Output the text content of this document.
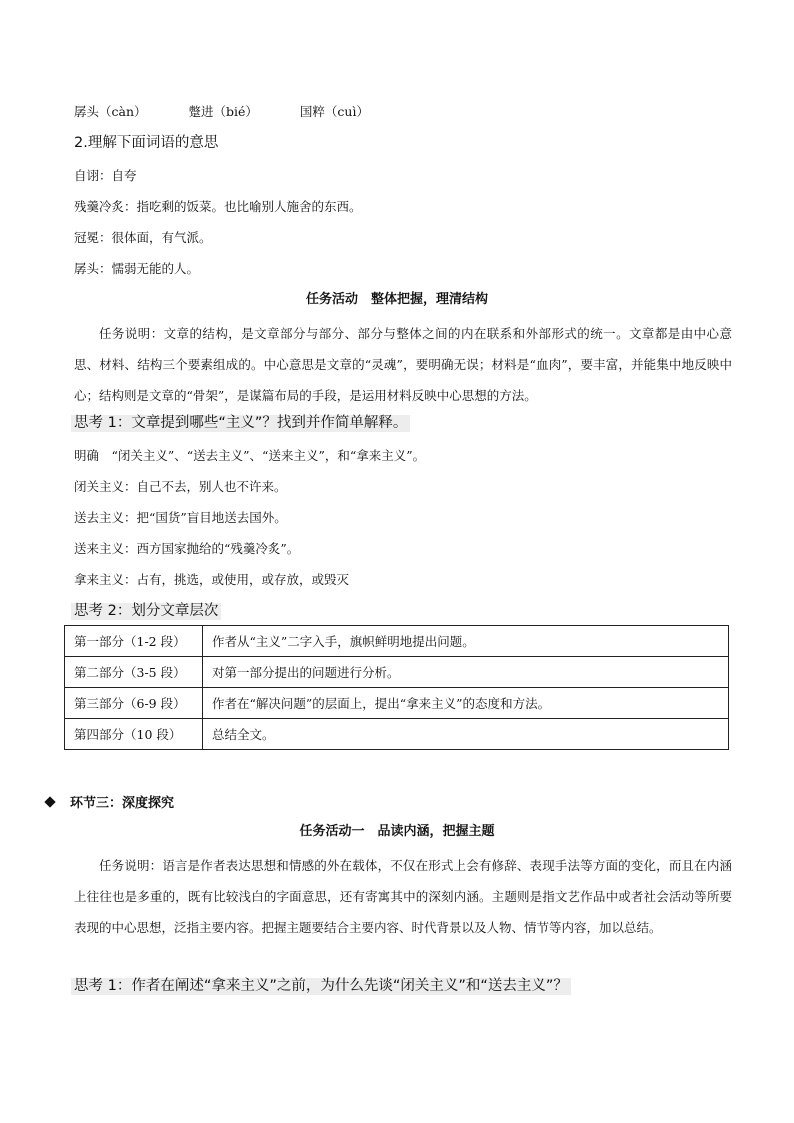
孱头（càn）	蹩进（bié）	国粹（cuì）
2.理解下面词语的意思
自诩：自夸
残羹冷炙：指吃剩的饭菜。也比喻别人施舍的东西。
冠冕：很体面，有气派。
孱头：懦弱无能的人。
任务活动　整体把握，理清结构
任务说明：文章的结构，是文章部分与部分、部分与整体之间的内在联系和外部形式的统一。文章都是由中心意思、材料、结构三个要素组成的。中心意思是文章的“灵魂”，要明确无误；材料是“血肉”，要丰富，并能集中地反映中心；结构则是文章的“骨架”，是谋篇布局的手段，是运用材料反映中心思想的方法。
思考 1：文章提到哪些“主义”？找到并作简单解释。
明确　“闭关主义”、“送去主义”、“送来主义”，和“拿来主义”。
闭关主义：自己不去，别人也不许来。
送去主义：把“国货”盲目地送去国外。
送来主义：西方国家抛给的“残羹冷炙”。
拿来主义：占有，挑选，或使用，或存放，或毁灭
思考 2：划分文章层次
第一部分（1-2 段）	作者从“主义”二字入手，旗帜鲜明地提出问题。
第二部分（3-5 段）	对第一部分提出的问题进行分析。
第三部分（6-9 段）	作者在“解决问题”的层面上，提出“拿来主义”的态度和方法。
第四部分（10 段）	总结全文。
环节三：深度探究
任务活动一　品读内涵，把握主题
任务说明：语言是作者表达思想和情感的外在载体，不仅在形式上会有修辞、表现手法等方面的变化，而且在内涵上往往也是多重的，既有比较浅白的字面意思，还有寄寓其中的深刻内涵。主题则是指文艺作品中或者社会活动等所要表现的中心思想，泛指主要内容。把握主题要结合主要内容、时代背景以及人物、情节等内容，加以总结。
思考 1：作者在阐述“拿来主义”之前，为什么先谈“闭关主义”和“送去主义”？
